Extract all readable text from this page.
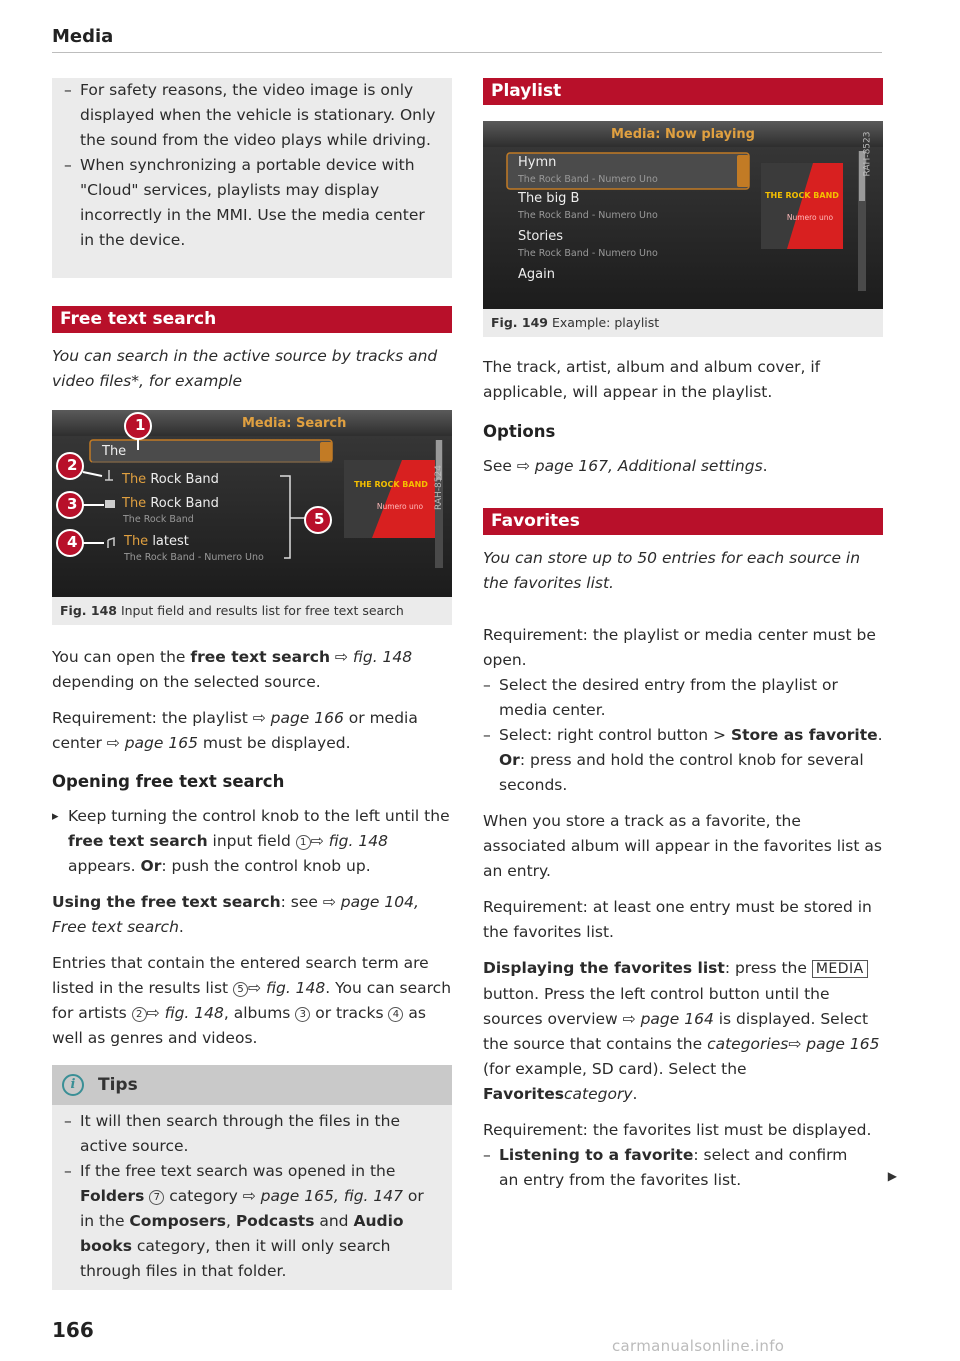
Media
– For safety reasons, the video image is only displayed when the vehicle is stationary. Only the sound from the video plays while driving.
– When synchronizing a portable device with "Cloud" services, playlists may display incorrectly in the MMI. Use the media center in the device.
Free text search
You can search in the active source by tracks and video files*, for example
Media: Search
The
The Rock Band
The Rock Band
The Rock Band
The latest
The Rock Band - Numero Uno
THE ROCK BAND
Numero uno	RAH-8524
1
2
3
4
5
Fig. 148 Input field and results list for free text search

You can open the free text search ⇨ fig. 148 depending on the selected source.

Requirement: the playlist ⇨ page 166 or media center ⇨ page 165 must be displayed.

Opening free text search

▸ Keep turning the control knob to the left until the free text search input field 1 ⇨ fig. 148 appears. Or: push the control knob up.

Using the free text search: see ⇨ page 104, Free text search.

Entries that contain the entered search term are listed in the results list 5 ⇨ fig. 148. You can search for artists 2 ⇨ fig. 148, albums 3 or tracks 4 as well as genres and videos.

i	Tips
– It will then search through the files in the active source.
– If the free text search was opened in the Folders 7 category ⇨ page 165, fig. 147 or in the Composers, Podcasts and Audio books category, then it will only search through files in that folder.
Playlist
Media: Now playing
Hymn
The Rock Band - Numero Uno
The big B
The Rock Band - Numero Uno
Stories
The Rock Band - Numero Uno
Again
THE ROCK BAND
Numero uno
RAH-8523
Fig. 149 Example: playlist

The track, artist, album and album cover, if applicable, will appear in the playlist.

Options

See ⇨ page 167, Additional settings.

Favorites
You can store up to 50 entries for each source in the favorites list.

Requirement: the playlist or media center must be open.

– Select the desired entry from the playlist or media center.
– Select: right control button > Store as favorite.
Or: press and hold the control knob for several seconds.

When you store a track as a favorite, the associated album will appear in the favorites list as an entry.

Requirement: at least one entry must be stored in the favorites list.

Displaying the favorites list: press the MEDIA button. Press the left control button until the sources overview ⇨ page 164 is displayed. Select the source that contains the categories⇨ page 165 (for example, SD card). Select the Favoritescategory.

Requirement: the favorites list must be displayed.

– Listening to a favorite: select and confirm an entry from the favorites list.	▶
166
carmanualsonline.info
